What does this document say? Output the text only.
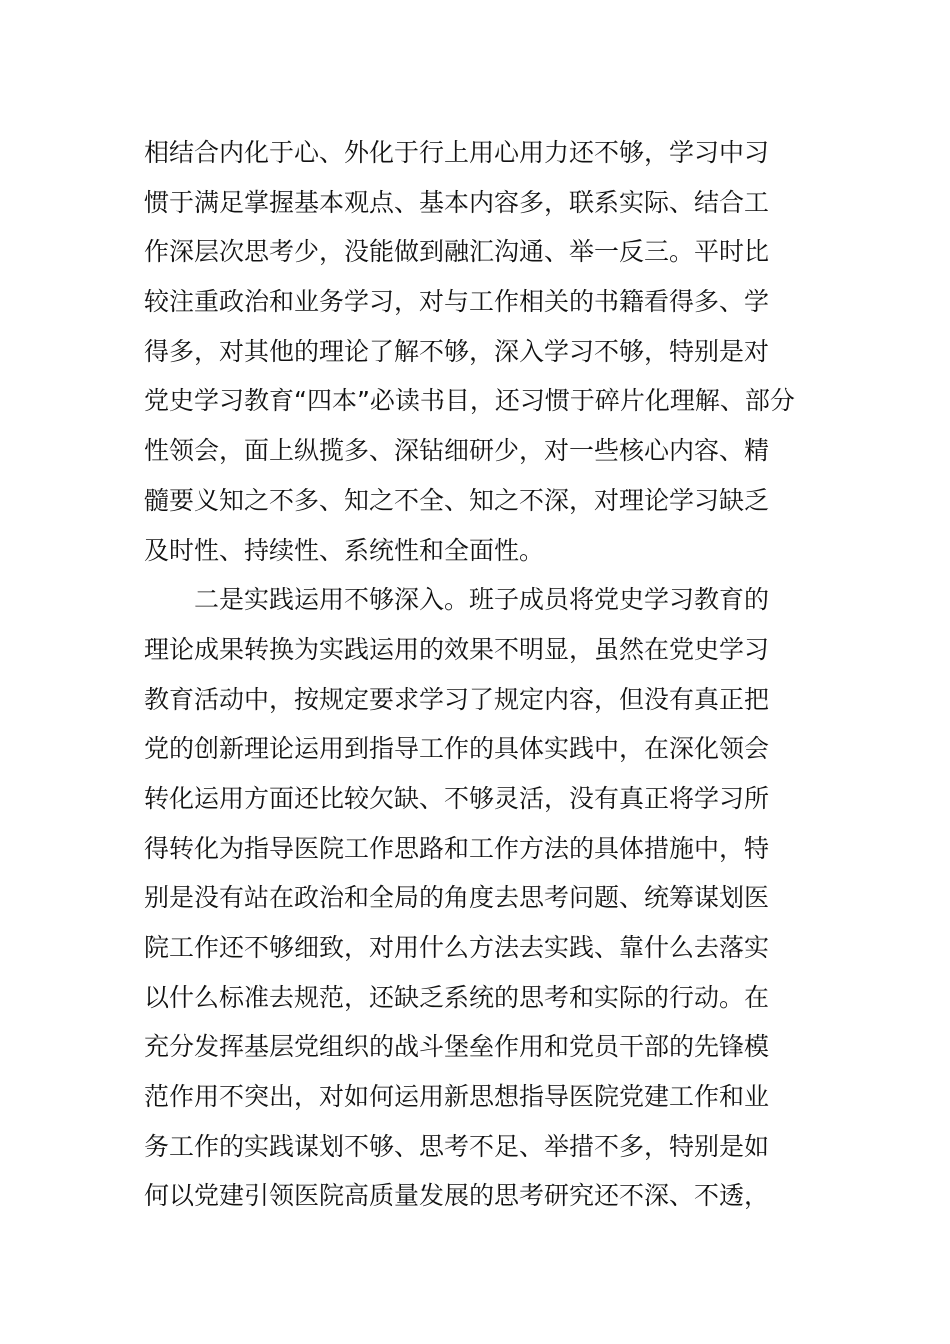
相结合内化于心、外化于行上用心用力还不够，学习中习
惯于满足掌握基本观点、基本内容多，联系实际、结合工
作深层次思考少，没能做到融汇沟通、举一反三。平时比
较注重政治和业务学习，对与工作相关的书籍看得多、学
得多，对其他的理论了解不够，深入学习不够，特别是对
党史学习教育“四本”必读书目，还习惯于碎片化理解、部分
性领会，面上纵揽多、深钻细研少，对一些核心内容、精
髓要义知之不多、知之不全、知之不深，对理论学习缺乏
及时性、持续性、系统性和全面性。
二是实践运用不够深入。班子成员将党史学习教育的
理论成果转换为实践运用的效果不明显，虽然在党史学习
教育活动中，按规定要求学习了规定内容，但没有真正把
党的创新理论运用到指导工作的具体实践中，在深化领会
转化运用方面还比较欠缺、不够灵活，没有真正将学习所
得转化为指导医院工作思路和工作方法的具体措施中，特
别是没有站在政治和全局的角度去思考问题、统筹谋划医
院工作还不够细致，对用什么方法去实践、靠什么去落实
以什么标准去规范，还缺乏系统的思考和实际的行动。在
充分发挥基层党组织的战斗堡垒作用和党员干部的先锋模
范作用不突出，对如何运用新思想指导医院党建工作和业
务工作的实践谋划不够、思考不足、举措不多，特别是如
何以党建引领医院高质量发展的思考研究还不深、不透，
